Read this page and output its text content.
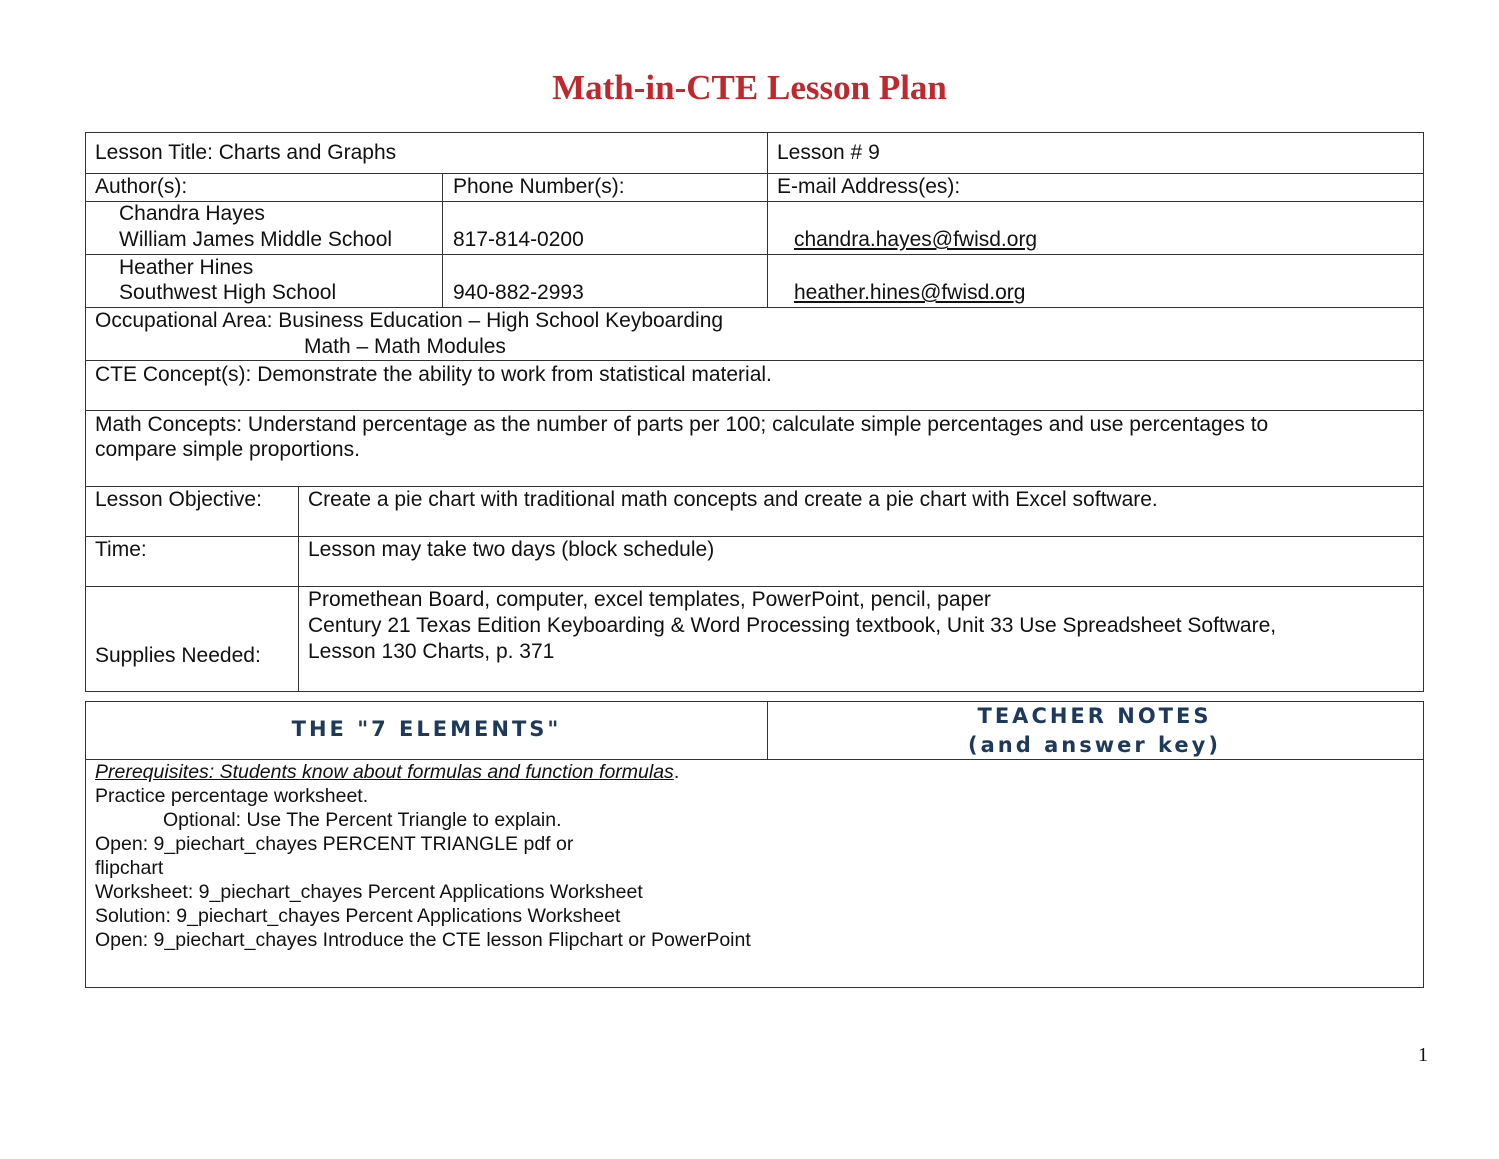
Math-in-CTE Lesson Plan
Lesson Title: Charts and Graphs	Lesson # 9
Author(s):	Phone Number(s):	E-mail Address(es):
Chandra Hayes
William James Middle School	817-814-0200	chandra.hayes@fwisd.org
Heather Hines
Southwest High School	940-882-2993	heather.hines@fwisd.org
Occupational Area: Business Education – High School Keyboarding
Math – Math Modules
CTE Concept(s): Demonstrate the ability to work from statistical material.
Math Concepts: Understand percentage as the number of parts per 100; calculate simple percentages and use percentages to
compare simple proportions.
Lesson Objective: Create a pie chart with traditional math concepts and create a pie chart with Excel software.
Time:	Lesson may take two days (block schedule)
Supplies Needed:
Promethean Board, computer, excel templates, PowerPoint, pencil, paper
Century 21 Texas Edition Keyboarding & Word Processing textbook, Unit 33 Use Spreadsheet Software,
Lesson 130 Charts, p. 371
THE "7 ELEMENTS"
TEACHER NOTES
(and answer key)
Prerequisites: Students know about formulas and function formulas.
Practice percentage worksheet.
Optional: Use The Percent Triangle to explain.
Open: 9_piechart_chayes PERCENT TRIANGLE pdf or
flipchart
Worksheet: 9_piechart_chayes Percent Applications Worksheet
Solution: 9_piechart_chayes Percent Applications Worksheet
Open: 9_piechart_chayes Introduce the CTE lesson Flipchart or PowerPoint
1
